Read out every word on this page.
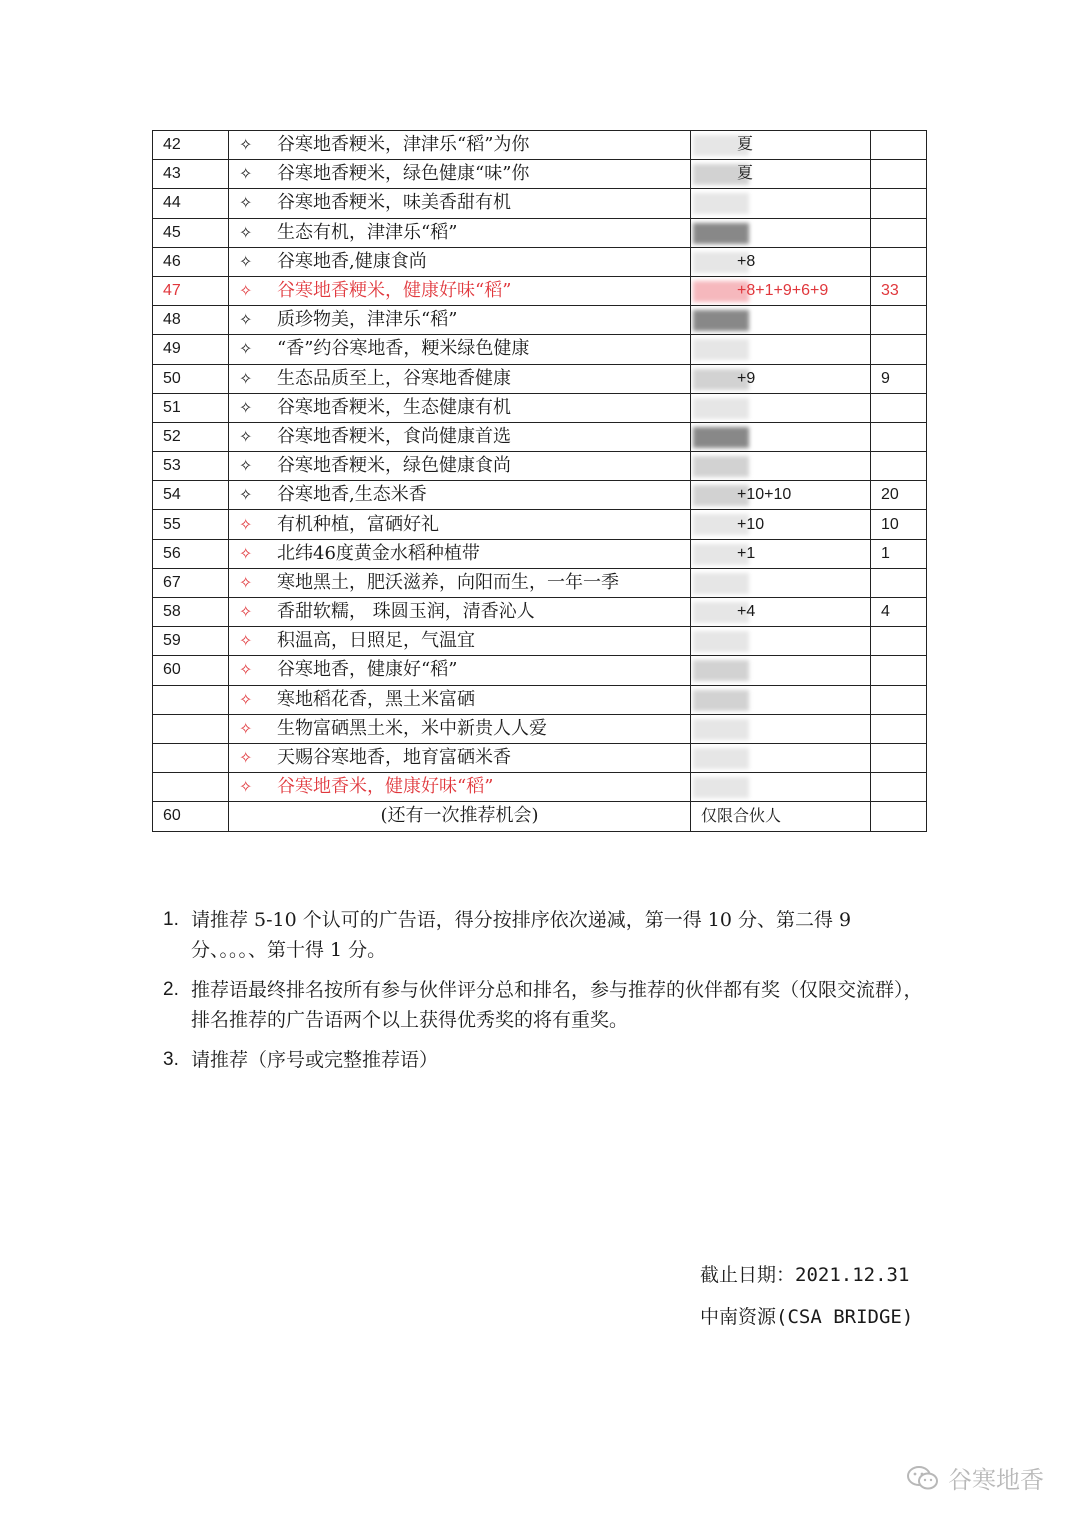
42	✧ 谷寒地香粳米，津津乐“稻”为你	夏	
43	✧ 谷寒地香粳米，绿色健康“味”你	夏	
44	✧ 谷寒地香粳米，味美香甜有机	

45	✧ 生态有机，津津乐“稻”	

46	✧ 谷寒地香,健康食尚	+8	
47	✧ 谷寒地香粳米，健康好味“稻”	+8+1+9+6+9	33
48	✧ 质珍物美，津津乐“稻”	

49	✧ “香”约谷寒地香，粳米绿色健康	

50	✧ 生态品质至上，谷寒地香健康	+9	9
51	✧ 谷寒地香粳米，生态健康有机	

52	✧ 谷寒地香粳米，食尚健康首选	

53	✧ 谷寒地香粳米，绿色健康食尚	

54	✧ 谷寒地香,生态米香	+10+10	20
55	✧ 有机种植，富硒好礼	+10	10
56	✧ 北纬46度黄金水稻种植带	+1	1
67	✧ 寒地黑土，肥沃滋养，向阳而生，一年一季	

58	✧ 香甜软糯， 珠圆玉润，清香沁人	+4	4
59	✧ 积温高，日照足，气温宜	

60	✧ 谷寒地香，健康好“稻”	

	✧ 寒地稻花香，黑土米富硒	

	✧ 生物富硒黑土米，米中新贵人人爱	

	✧ 天赐谷寒地香，地育富硒米香	

	✧ 谷寒地香米，健康好味“稻”	

60	(还有一次推荐机会)	仅限合伙人	
1. 请推荐 5-10 个认可的广告语，得分按排序依次递减，第一得 10 分、第二得 9 分、。。。、第十得 1 分。
2. 推荐语最终排名按所有参与伙伴评分总和排名，参与推荐的伙伴都有奖（仅限交流群），排名推荐的广告语两个以上获得优秀奖的将有重奖。
3. 请推荐（序号或完整推荐语）
截止日期：2021.12.31
中南资源(CSA BRIDGE)
谷寒地香
